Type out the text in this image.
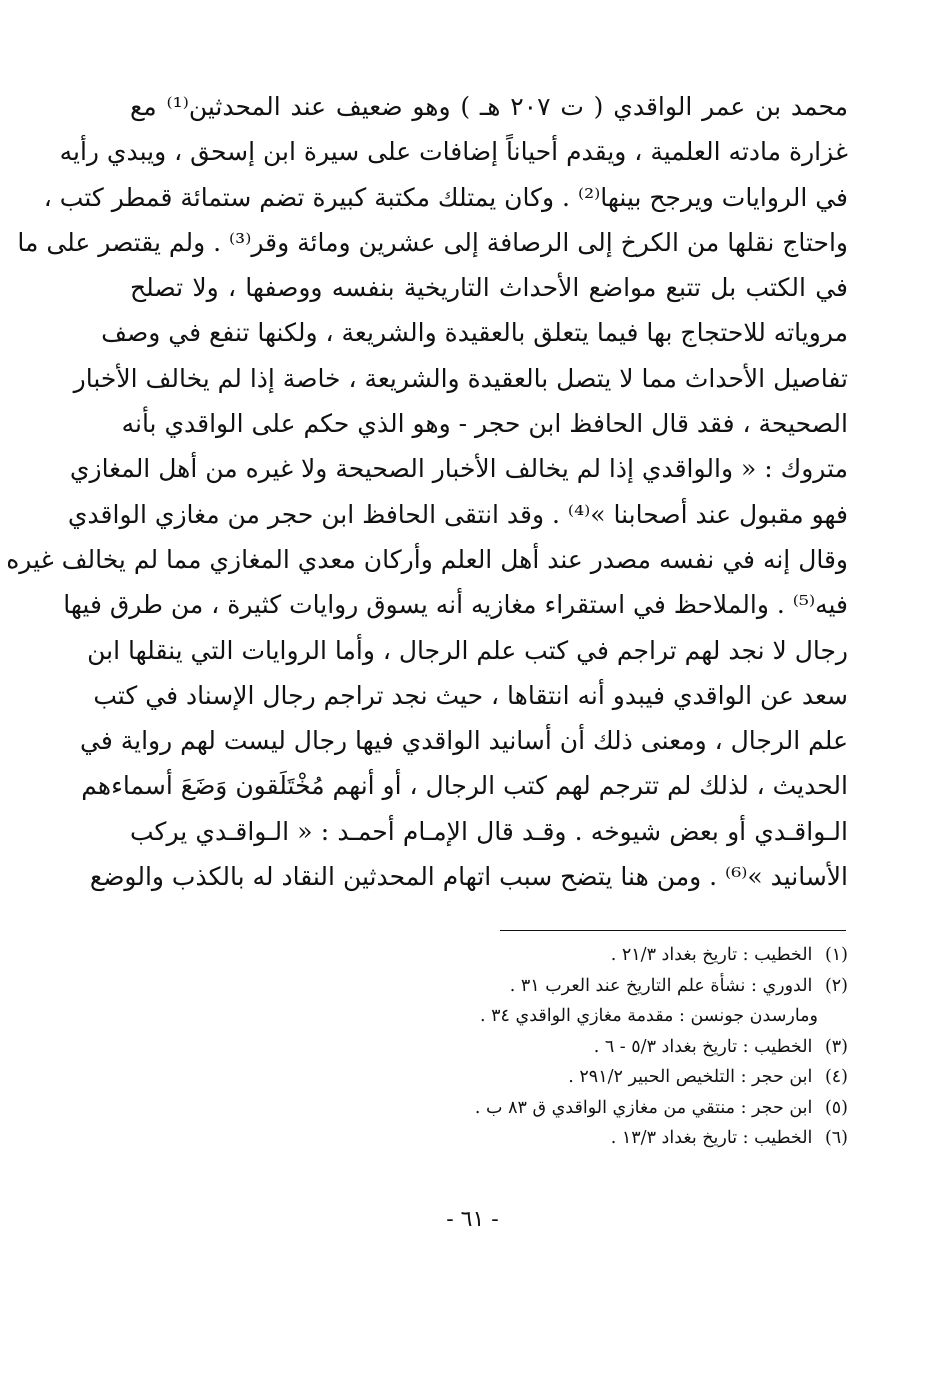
محمد بن عمر الواقدي ( ت ٢٠٧ هـ ) وهو ضعيف عند المحدثين⁽¹⁾ مع
غزارة مادته العلمية ، ويقدم أحياناً إضافات على سيرة ابن إسحق ، ويبدي رأيه
في الروايات ويرجح بينها⁽²⁾ . وكان يمتلك مكتبة كبيرة تضم ستمائة قمطر كتب ،
واحتاج نقلها من الكرخ إلى الرصافة إلى عشرين ومائة وقر⁽³⁾ . ولم يقتصر على ما
في الكتب بل تتبع مواضع الأحداث التاريخية بنفسه ووصفها ، ولا تصلح
مروياته للاحتجاج بها فيما يتعلق بالعقيدة والشريعة ، ولكنها تنفع في وصف
تفاصيل الأحداث مما لا يتصل بالعقيدة والشريعة ، خاصة إذا لم يخالف الأخبار
الصحيحة ، فقد قال الحافظ ابن حجر - وهو الذي حكم على الواقدي بأنه
متروك : « والواقدي إذا لم يخالف الأخبار الصحيحة ولا غيره من أهل المغازي
فهو مقبول عند أصحابنا »⁽⁴⁾ . وقد انتقى الحافظ ابن حجر من مغازي الواقدي
وقال إنه في نفسه مصدر عند أهل العلم وأركان معدي المغازي مما لم يخالف غيره
فيه⁽⁵⁾ . والملاحظ في استقراء مغازيه أنه يسوق روايات كثيرة ، من طرق فيها
رجال لا نجد لهم تراجم في كتب علم الرجال ، وأما الروايات التي ينقلها ابن
سعد عن الواقدي فيبدو أنه انتقاها ، حيث نجد تراجم رجال الإسناد في كتب
علم الرجال ، ومعنى ذلك أن أسانيد الواقدي فيها رجال ليست لهم رواية في
الحديث ، لذلك لم تترجم لهم كتب الرجال ، أو أنهم مُخْتَلَقون وَضَعَ أسماءهم
الـواقـدي أو بعض شيوخه . وقـد قال الإمـام أحمـد : « الـواقـدي يركب
الأسانيد »⁽⁶⁾ . ومن هنا يتضح سبب اتهام المحدثين النقاد له بالكذب والوضع
(١) الخطيب : تاريخ بغداد ٢١/٣ .
(٢) الدوري : نشأة علم التاريخ عند العرب ٣١ .
ومارسدن جونسن : مقدمة مغازي الواقدي ٣٤ .
(٣) الخطيب : تاريخ بغداد ٥/٣ - ٦ .
(٤) ابن حجر : التلخيص الحبير ٢٩١/٢ .
(٥) ابن حجر : منتقي من مغازي الواقدي ق ٨٣ ب .
(٦) الخطيب : تاريخ بغداد ١٣/٣ .
- ٦١ -
